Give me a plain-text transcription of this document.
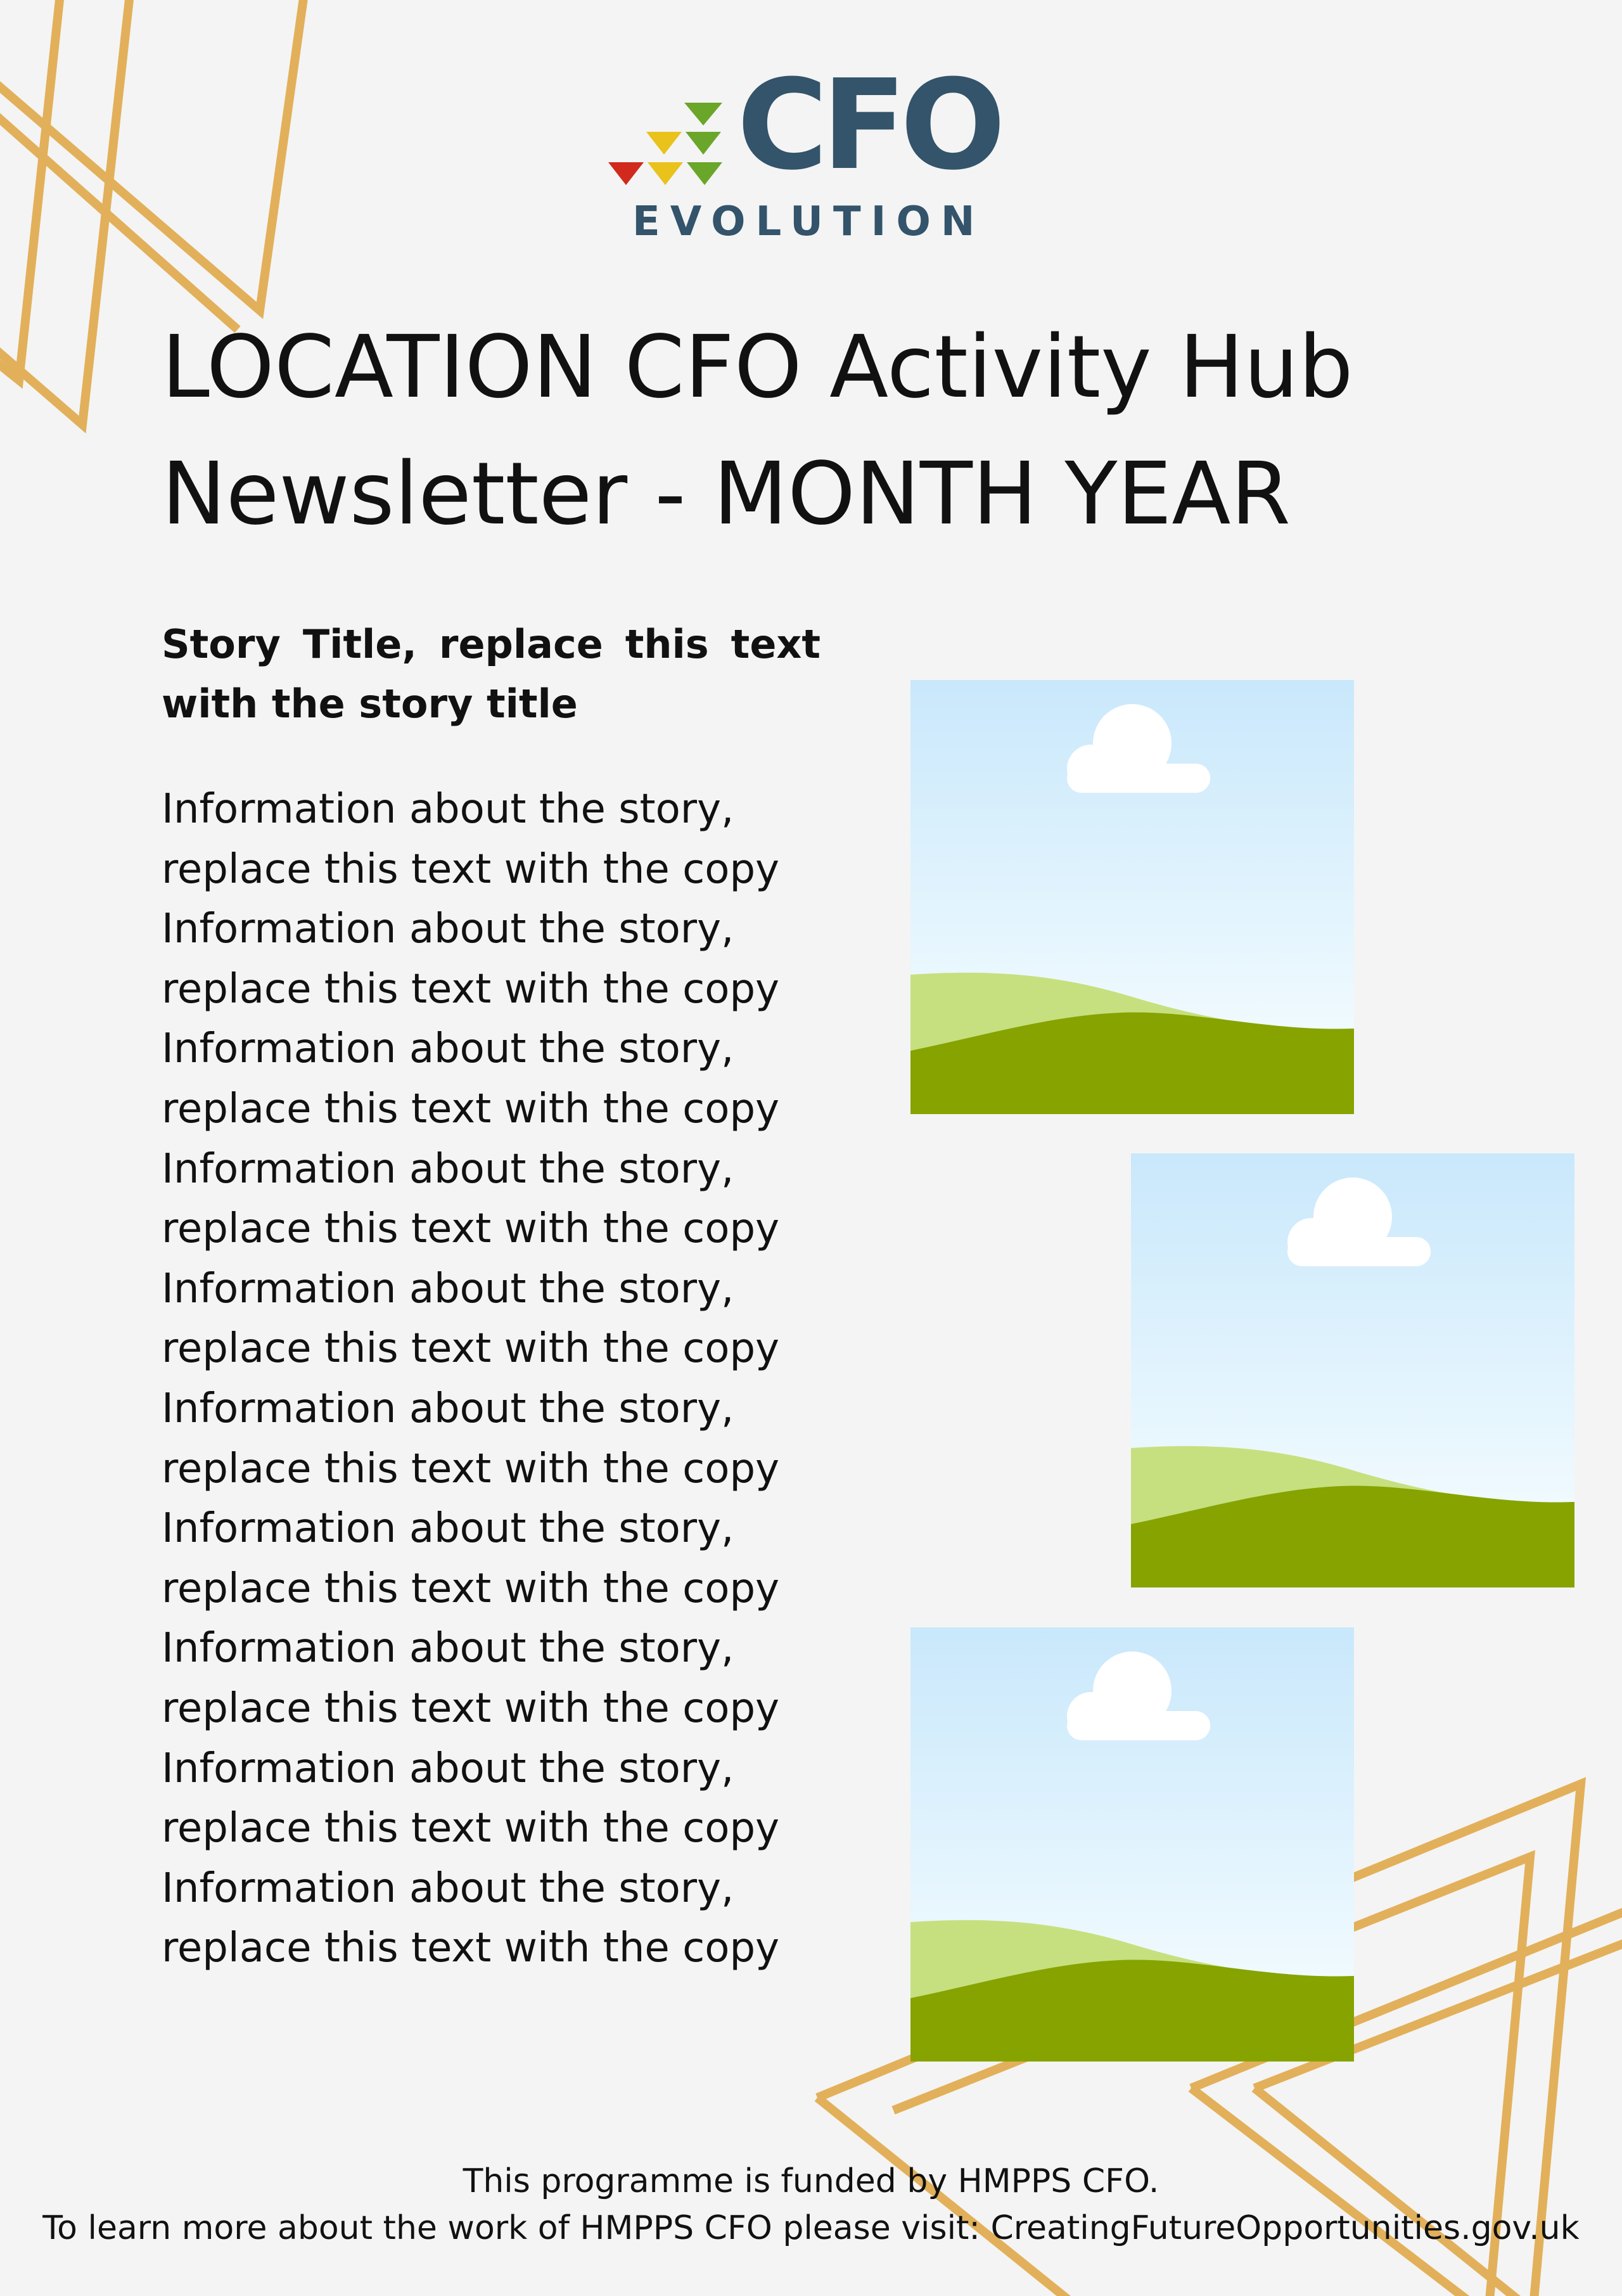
CFO
EVOLUTION
LOCATION CFO Activity Hub
Newsletter - MONTH YEAR

Story Title, replace this text with the story title

Information about the story, replace this text with the copy Information about the story, replace this text with the copy Information about the story, replace this text with the copy Information about the story, replace this text with the copy Information about the story, replace this text with the copy Information about the story, replace this text with the copy Information about the story, replace this text with the copy Information about the story, replace this text with the copy Information about the story, replace this text with the copy Information about the story, replace this text with the copy

This programme is funded by HMPPS CFO.

To learn more about the work of HMPPS CFO please visit: CreatingFutureOpportunities.gov.uk
